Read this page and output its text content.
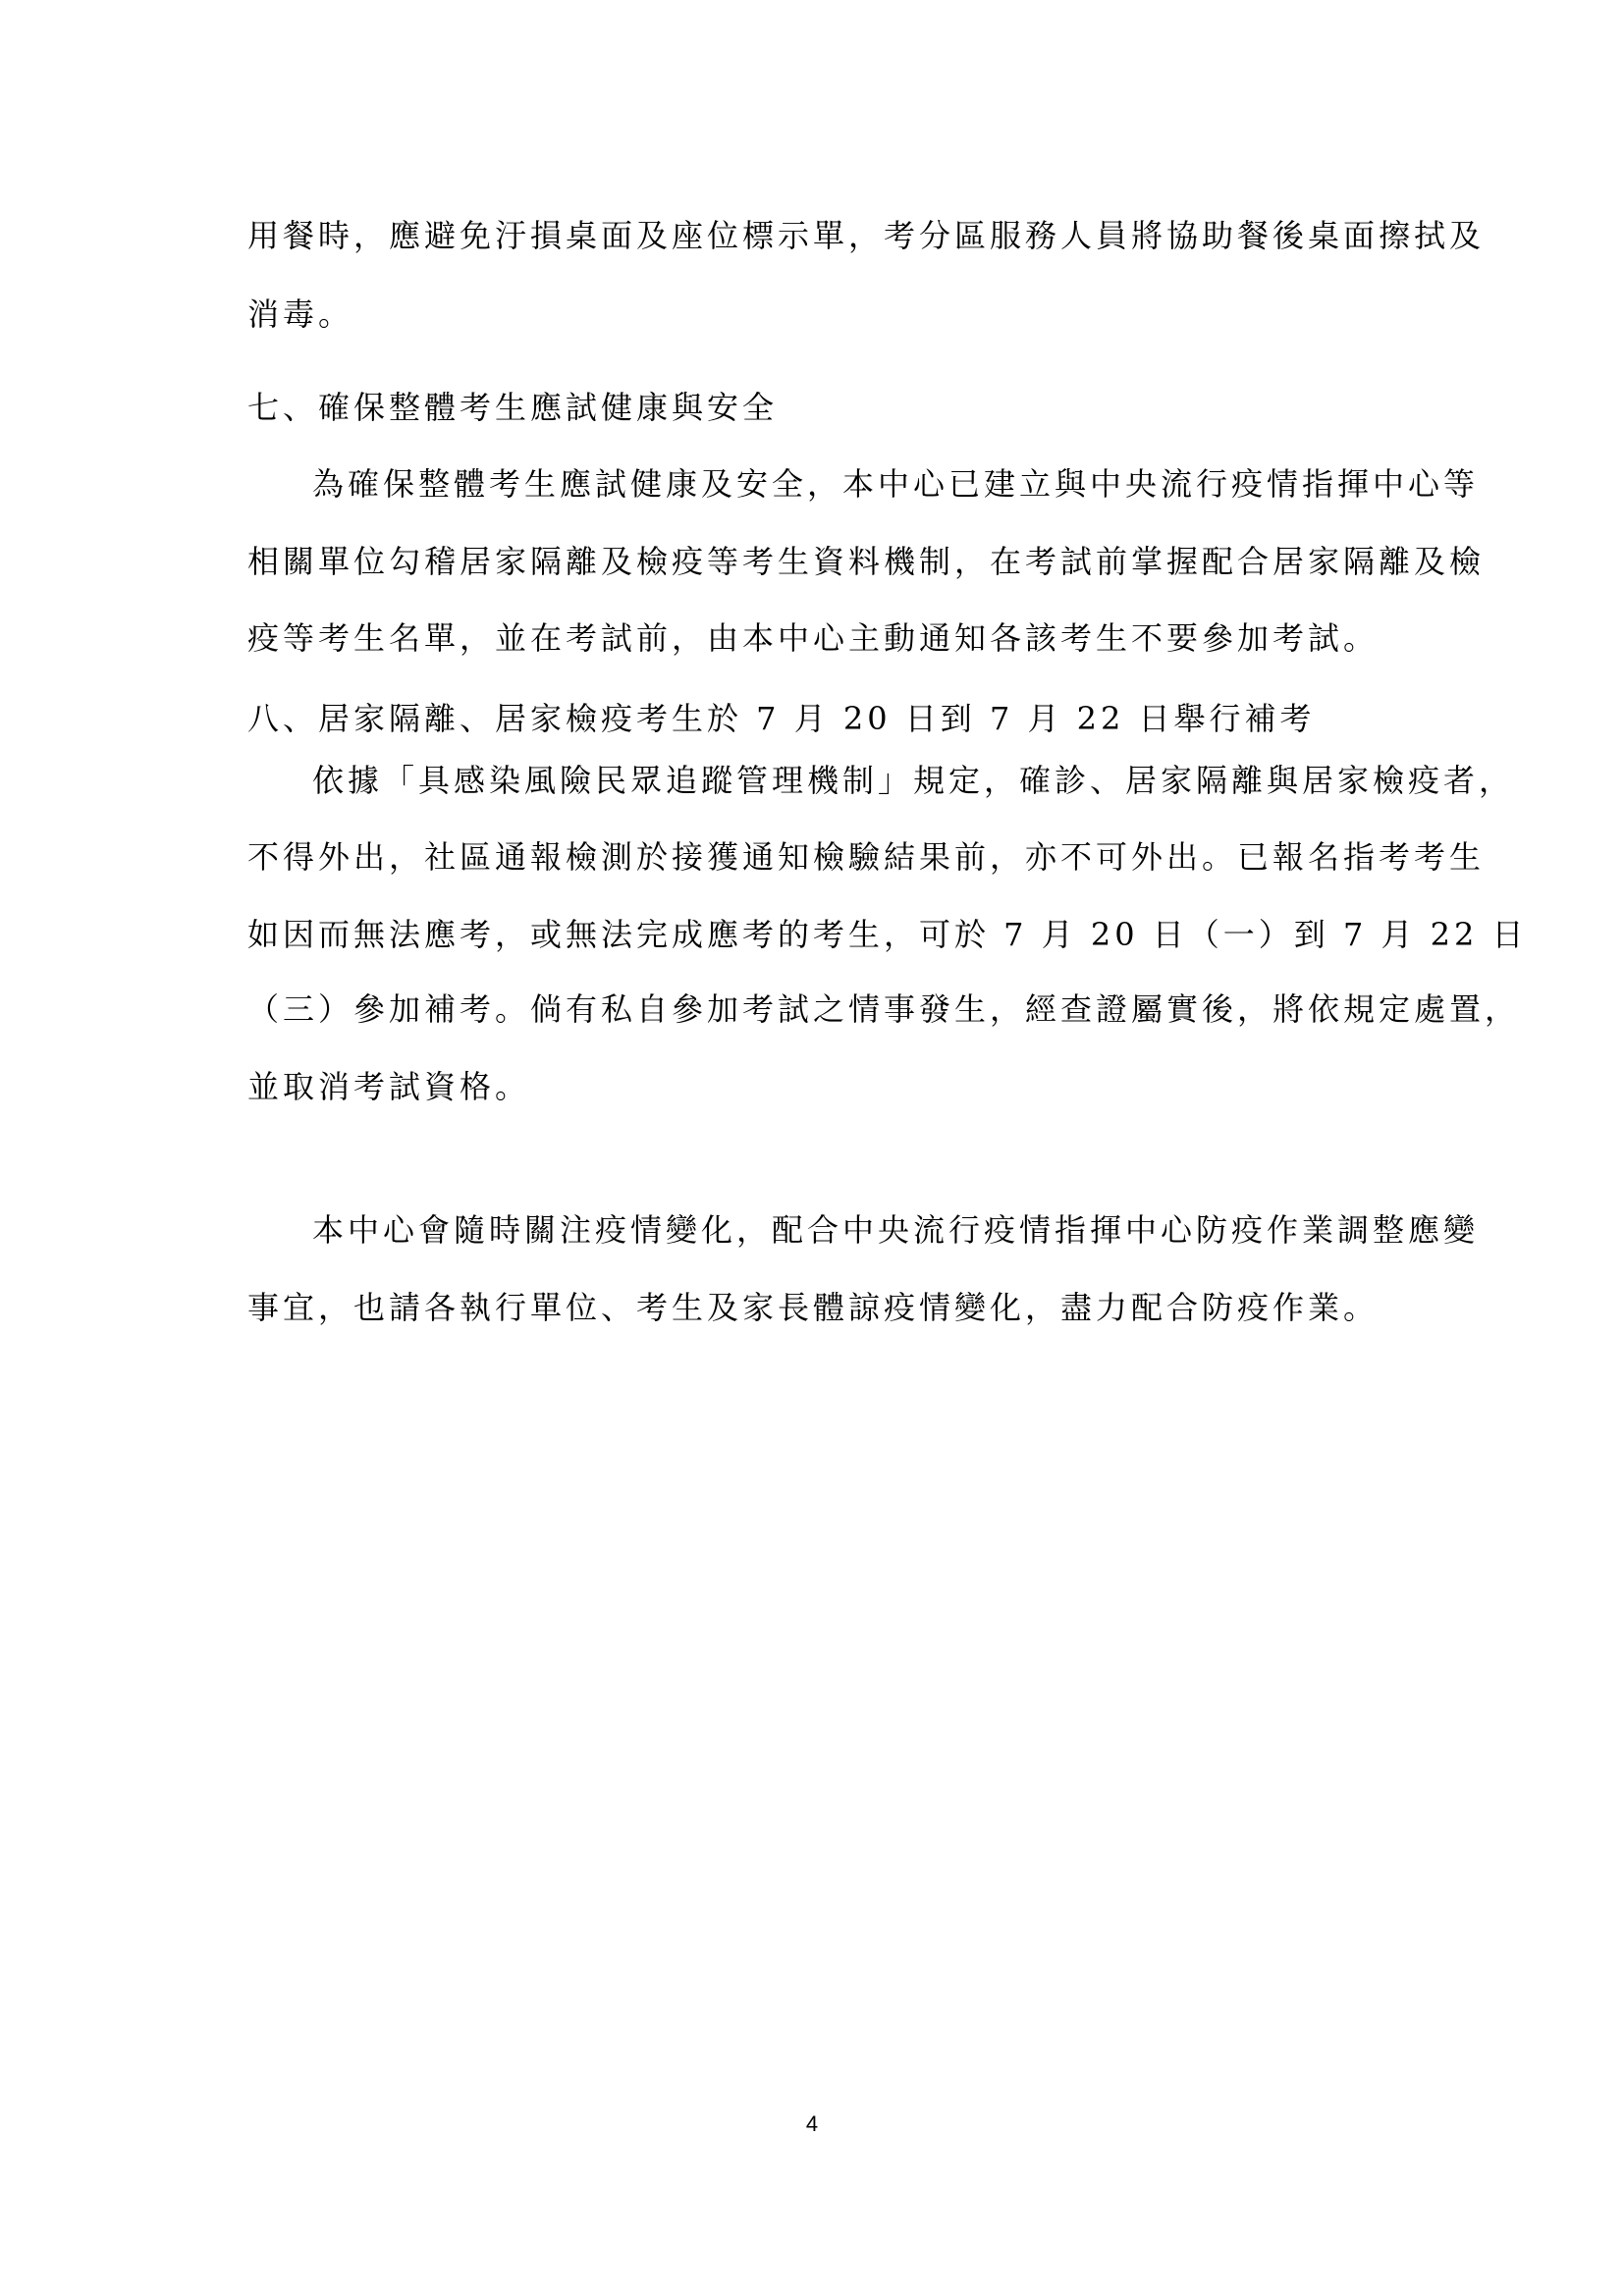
用餐時，應避免汙損桌面及座位標示單，考分區服務人員將協助餐後桌面擦拭及
消毒。
七、確保整體考生應試健康與安全
為確保整體考生應試健康及安全，本中心已建立與中央流行疫情指揮中心等
相關單位勾稽居家隔離及檢疫等考生資料機制，在考試前掌握配合居家隔離及檢
疫等考生名單，並在考試前，由本中心主動通知各該考生不要參加考試。
八、居家隔離、居家檢疫考生於 7 月 20 日到 7 月 22 日舉行補考
依據「具感染風險民眾追蹤管理機制」規定，確診、居家隔離與居家檢疫者，
不得外出，社區通報檢測於接獲通知檢驗結果前，亦不可外出。已報名指考考生
如因而無法應考，或無法完成應考的考生，可於 7 月 20 日（一）到 7 月 22 日
（三）參加補考。倘有私自參加考試之情事發生，經查證屬實後，將依規定處置，
並取消考試資格。
本中心會隨時關注疫情變化，配合中央流行疫情指揮中心防疫作業調整應變
事宜，也請各執行單位、考生及家長體諒疫情變化，盡力配合防疫作業。
4
